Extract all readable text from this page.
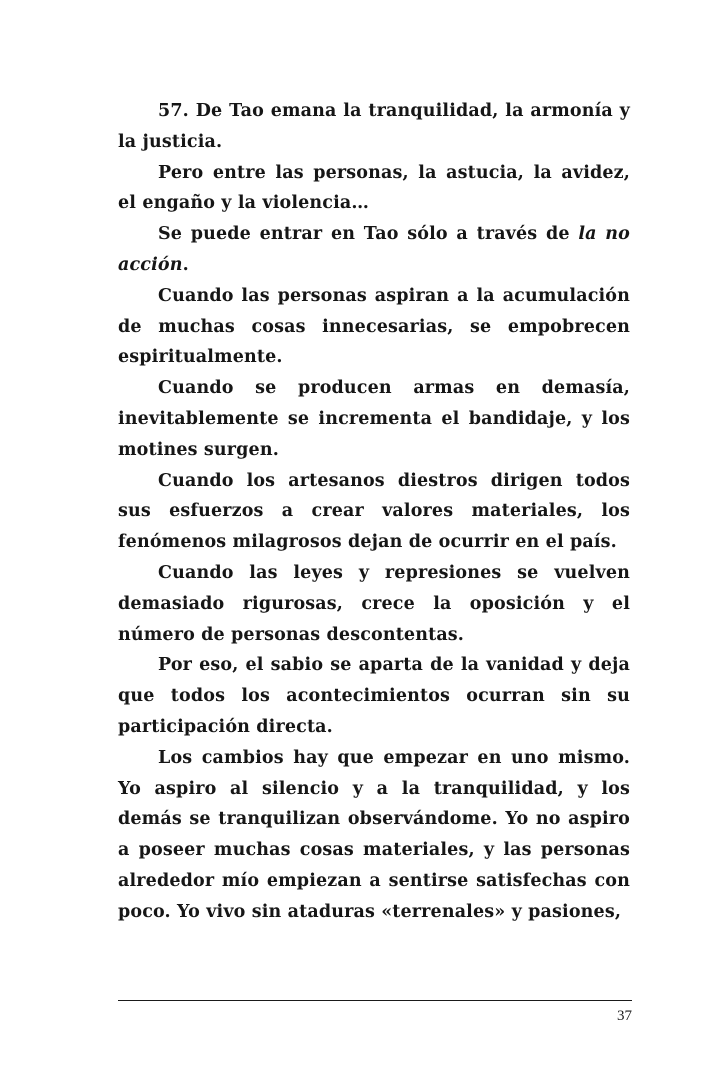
57. De Tao emana la tranquilidad, la armonía y la justicia.

Pero entre las personas, la astucia, la avidez, el engaño y la violencia…

Se puede entrar en Tao sólo a través de la no acción.

Cuando las personas aspiran a la acumulación de muchas cosas innecesarias, se empobrecen espiritualmente.

Cuando se producen armas en demasía, inevitablemente se incrementa el bandidaje, y los motines surgen.

Cuando los artesanos diestros dirigen todos sus esfuerzos a crear valores materiales, los fenómenos milagrosos dejan de ocurrir en el país.

Cuando las leyes y represiones se vuelven demasiado rigurosas, crece la oposición y el número de personas descontentas.

Por eso, el sabio se aparta de la vanidad y deja que todos los acontecimientos ocurran sin su participación directa.

Los cambios hay que empezar en uno mismo. Yo aspiro al silencio y a la tranquilidad, y los demás se tranquilizan observándome. Yo no aspiro a poseer muchas cosas materiales, y las personas alrededor mío empiezan a sentirse satisfechas con poco. Yo vivo sin ataduras «terrenales» y pasiones,

37
